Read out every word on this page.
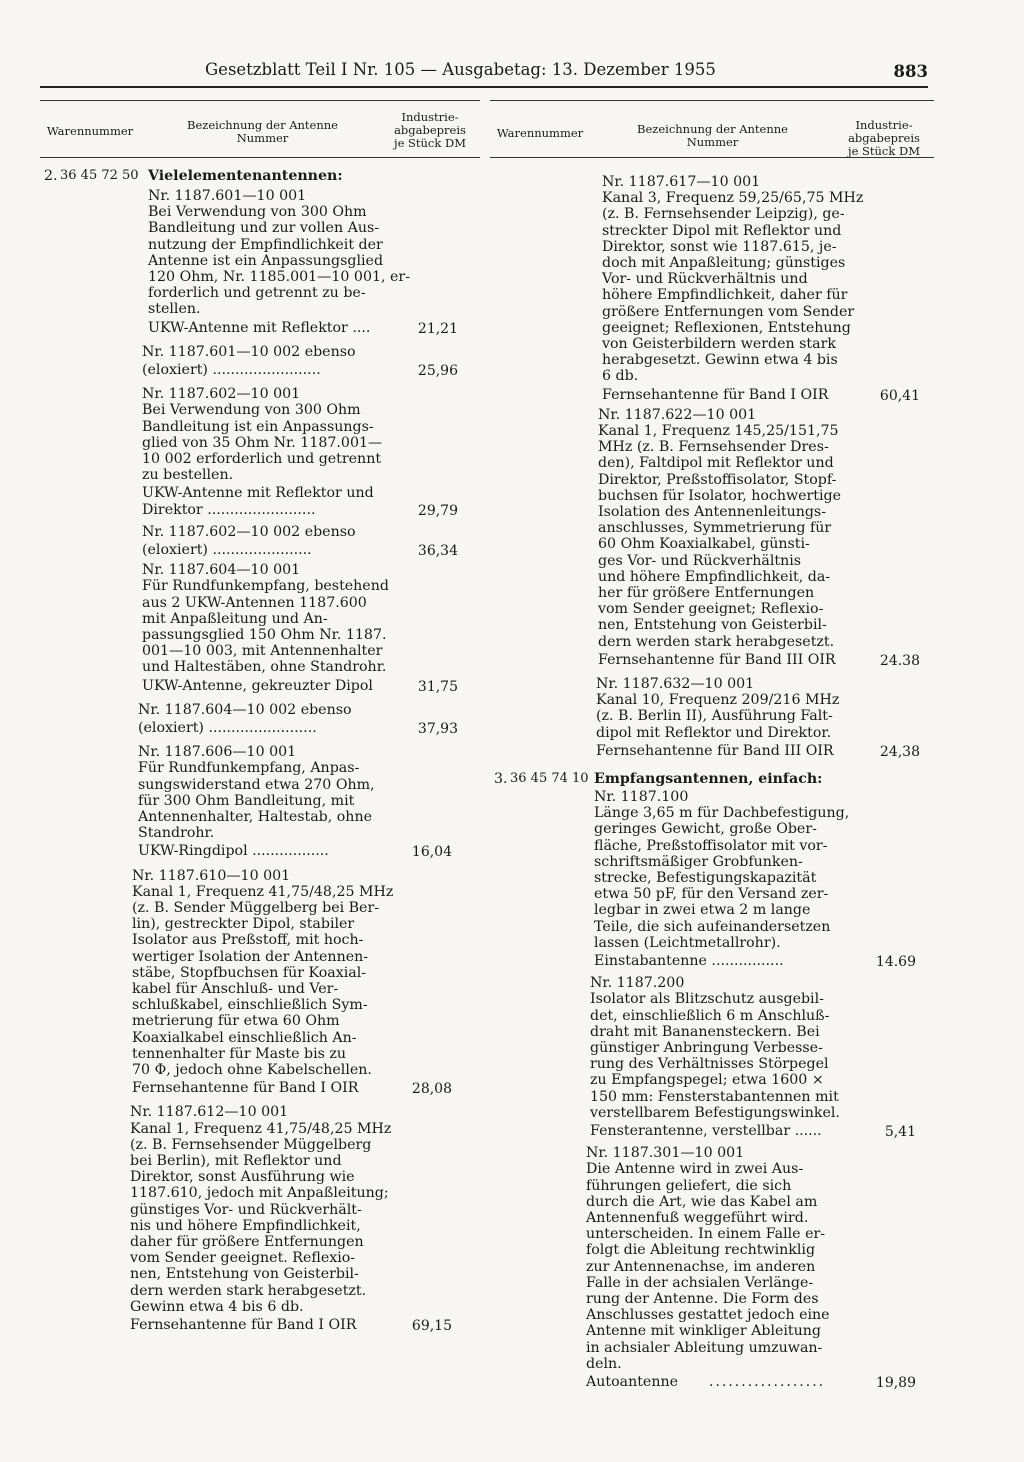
Gesetzblatt Teil I Nr. 105 — Ausgabetag: 13. Dezember 1955	883
Warennummer	Bezeichnung der Antenne
Nummer
Industrie-
abgabepreis
je Stück DM
2. 36 45 72 50 Vielelementenantennen:
Nr. 1187.601—10 001
Bei Verwendung von 300 Ohm
Bandleitung und zur vollen Aus-
nutzung der Empfindlichkeit der
Antenne ist ein Anpassungsglied
120 Ohm, Nr. 1185.001—10 001, er-
forderlich und getrennt zu be-
stellen.
UKW-Antenne mit Reflektor ....	21,21
Nr. 1187.601—10 002 ebenso
(eloxiert) ........................	25,96
Nr. 1187.602—10 001
Bei Verwendung von 300 Ohm
Bandleitung ist ein Anpassungs-
glied von 35 Ohm Nr. 1187.001—
10 002 erforderlich und getrennt
zu bestellen.
UKW-Antenne mit Reflektor und
Direktor ........................	29,79
Nr. 1187.602—10 002 ebenso
(eloxiert) ......................	36,34
Nr. 1187.604—10 001
Für Rundfunkempfang, bestehend
aus 2 UKW-Antennen 1187.600
mit Anpaßleitung und An-
passungsglied 150 Ohm Nr. 1187.
001—10 003, mit Antennenhalter
und Haltestäben, ohne Standrohr.
UKW-Antenne, gekreuzter Dipol	31,75
Nr. 1187.604—10 002 ebenso
(eloxiert) ........................	37,93
Nr. 1187.606—10 001
Für Rundfunkempfang, Anpas-
sungswiderstand etwa 270 Ohm,
für 300 Ohm Bandleitung, mit
Antennenhalter, Haltestab, ohne
Standrohr.
UKW-Ringdipol .................	16,04
Nr. 1187.610—10 001
Kanal 1, Frequenz 41,75/48,25 MHz
(z. B. Sender Müggelberg bei Ber-
lin), gestreckter Dipol, stabiler
Isolator aus Preßstoff, mit hoch-
wertiger Isolation der Antennen-
stäbe, Stopfbuchsen für Koaxial-
kabel für Anschluß- und Ver-
schlußkabel, einschließlich Sym-
metrierung für etwa 60 Ohm
Koaxialkabel einschließlich An-
tennenhalter für Maste bis zu
70 Φ, jedoch ohne Kabelschellen.
Fernsehantenne für Band I OIR	28,08
Nr. 1187.612—10 001
Kanal 1, Frequenz 41,75/48,25 MHz
(z. B. Fernsehsender Müggelberg
bei Berlin), mit Reflektor und
Direktor, sonst Ausführung wie
1187.610, jedoch mit Anpaßleitung;
günstiges Vor- und Rückverhält-
nis und höhere Empfindlichkeit,
daher für größere Entfernungen
vom Sender geeignet. Reflexio-
nen, Entstehung von Geisterbil-
dern werden stark herabgesetzt.
Gewinn etwa 4 bis 6 db.
Fernsehantenne für Band I OIR	69,15
Warennummer	Bezeichnung der Antenne
Nummer
Industrie-
abgabepreis
je Stück DM
Nr. 1187.617—10 001
Kanal 3, Frequenz 59,25/65,75 MHz
(z. B. Fernsehsender Leipzig), ge-
streckter Dipol mit Reflektor und
Direktor, sonst wie 1187.615, je-
doch mit Anpaßleitung; günstiges
Vor- und Rückverhältnis und
höhere Empfindlichkeit, daher für
größere Entfernungen vom Sender
geeignet; Reflexionen, Entstehung
von Geisterbildern werden stark
herabgesetzt. Gewinn etwa 4 bis
6 db.
Fernsehantenne für Band I OIR	60,41
Nr. 1187.622—10 001
Kanal 1, Frequenz 145,25/151,75
MHz (z. B. Fernsehsender Dres-
den), Faltdipol mit Reflektor und
Direktor, Preßstoffisolator, Stopf-
buchsen für Isolator, hochwertige
Isolation des Antennenleitungs-
anschlusses, Symmetrierung für
60 Ohm Koaxialkabel, günsti-
ges Vor- und Rückverhältnis
und höhere Empfindlichkeit, da-
her für größere Entfernungen
vom Sender geeignet; Reflexio-
nen, Entstehung von Geisterbil-
dern werden stark herabgesetzt.
Fernsehantenne für Band III OIR	24.38
Nr. 1187.632—10 001
Kanal 10, Frequenz 209/216 MHz
(z. B. Berlin II), Ausführung Falt-
dipol mit Reflektor und Direktor.
Fernsehantenne für Band III OIR	24,38
3. 36 45 74 10 Empfangsantennen, einfach:
Nr. 1187.100
Länge 3,65 m für Dachbefestigung,
geringes Gewicht, große Ober-
fläche, Preßstoffisolator mit vor-
schriftsmäßiger Grobfunken-
strecke, Befestigungskapazität
etwa 50 pF, für den Versand zer-
legbar in zwei etwa 2 m lange
Teile, die sich aufeinandersetzen
lassen (Leichtmetallrohr).
Einstabantenne ................	14.69
Nr. 1187.200
Isolator als Blitzschutz ausgebil-
det, einschließlich 6 m Anschluß-
draht mit Bananensteckern. Bei
günstiger Anbringung Verbesse-
rung des Verhältnisses Störpegel
zu Empfangspegel; etwa 1600 ×
150 mm: Fensterstabantennen mit
verstellbarem Befestigungswinkel.
Fensterantenne, verstellbar ......	5,41
Nr. 1187.301—10 001
Die Antenne wird in zwei Aus-
führungen geliefert, die sich
durch die Art, wie das Kabel am
Antennenfuß weggeführt wird.
unterscheiden. In einem Falle er-
folgt die Ableitung rechtwinklig
zur Antennenachse, im anderen
Falle in der achsialen Verlänge-
rung der Antenne. Die Form des
Anschlusses gestattet jedoch eine
Antenne mit winkliger Ableitung
in achsialer Ableitung umzuwan-
deln.
Autoantenne ..................	19,89
